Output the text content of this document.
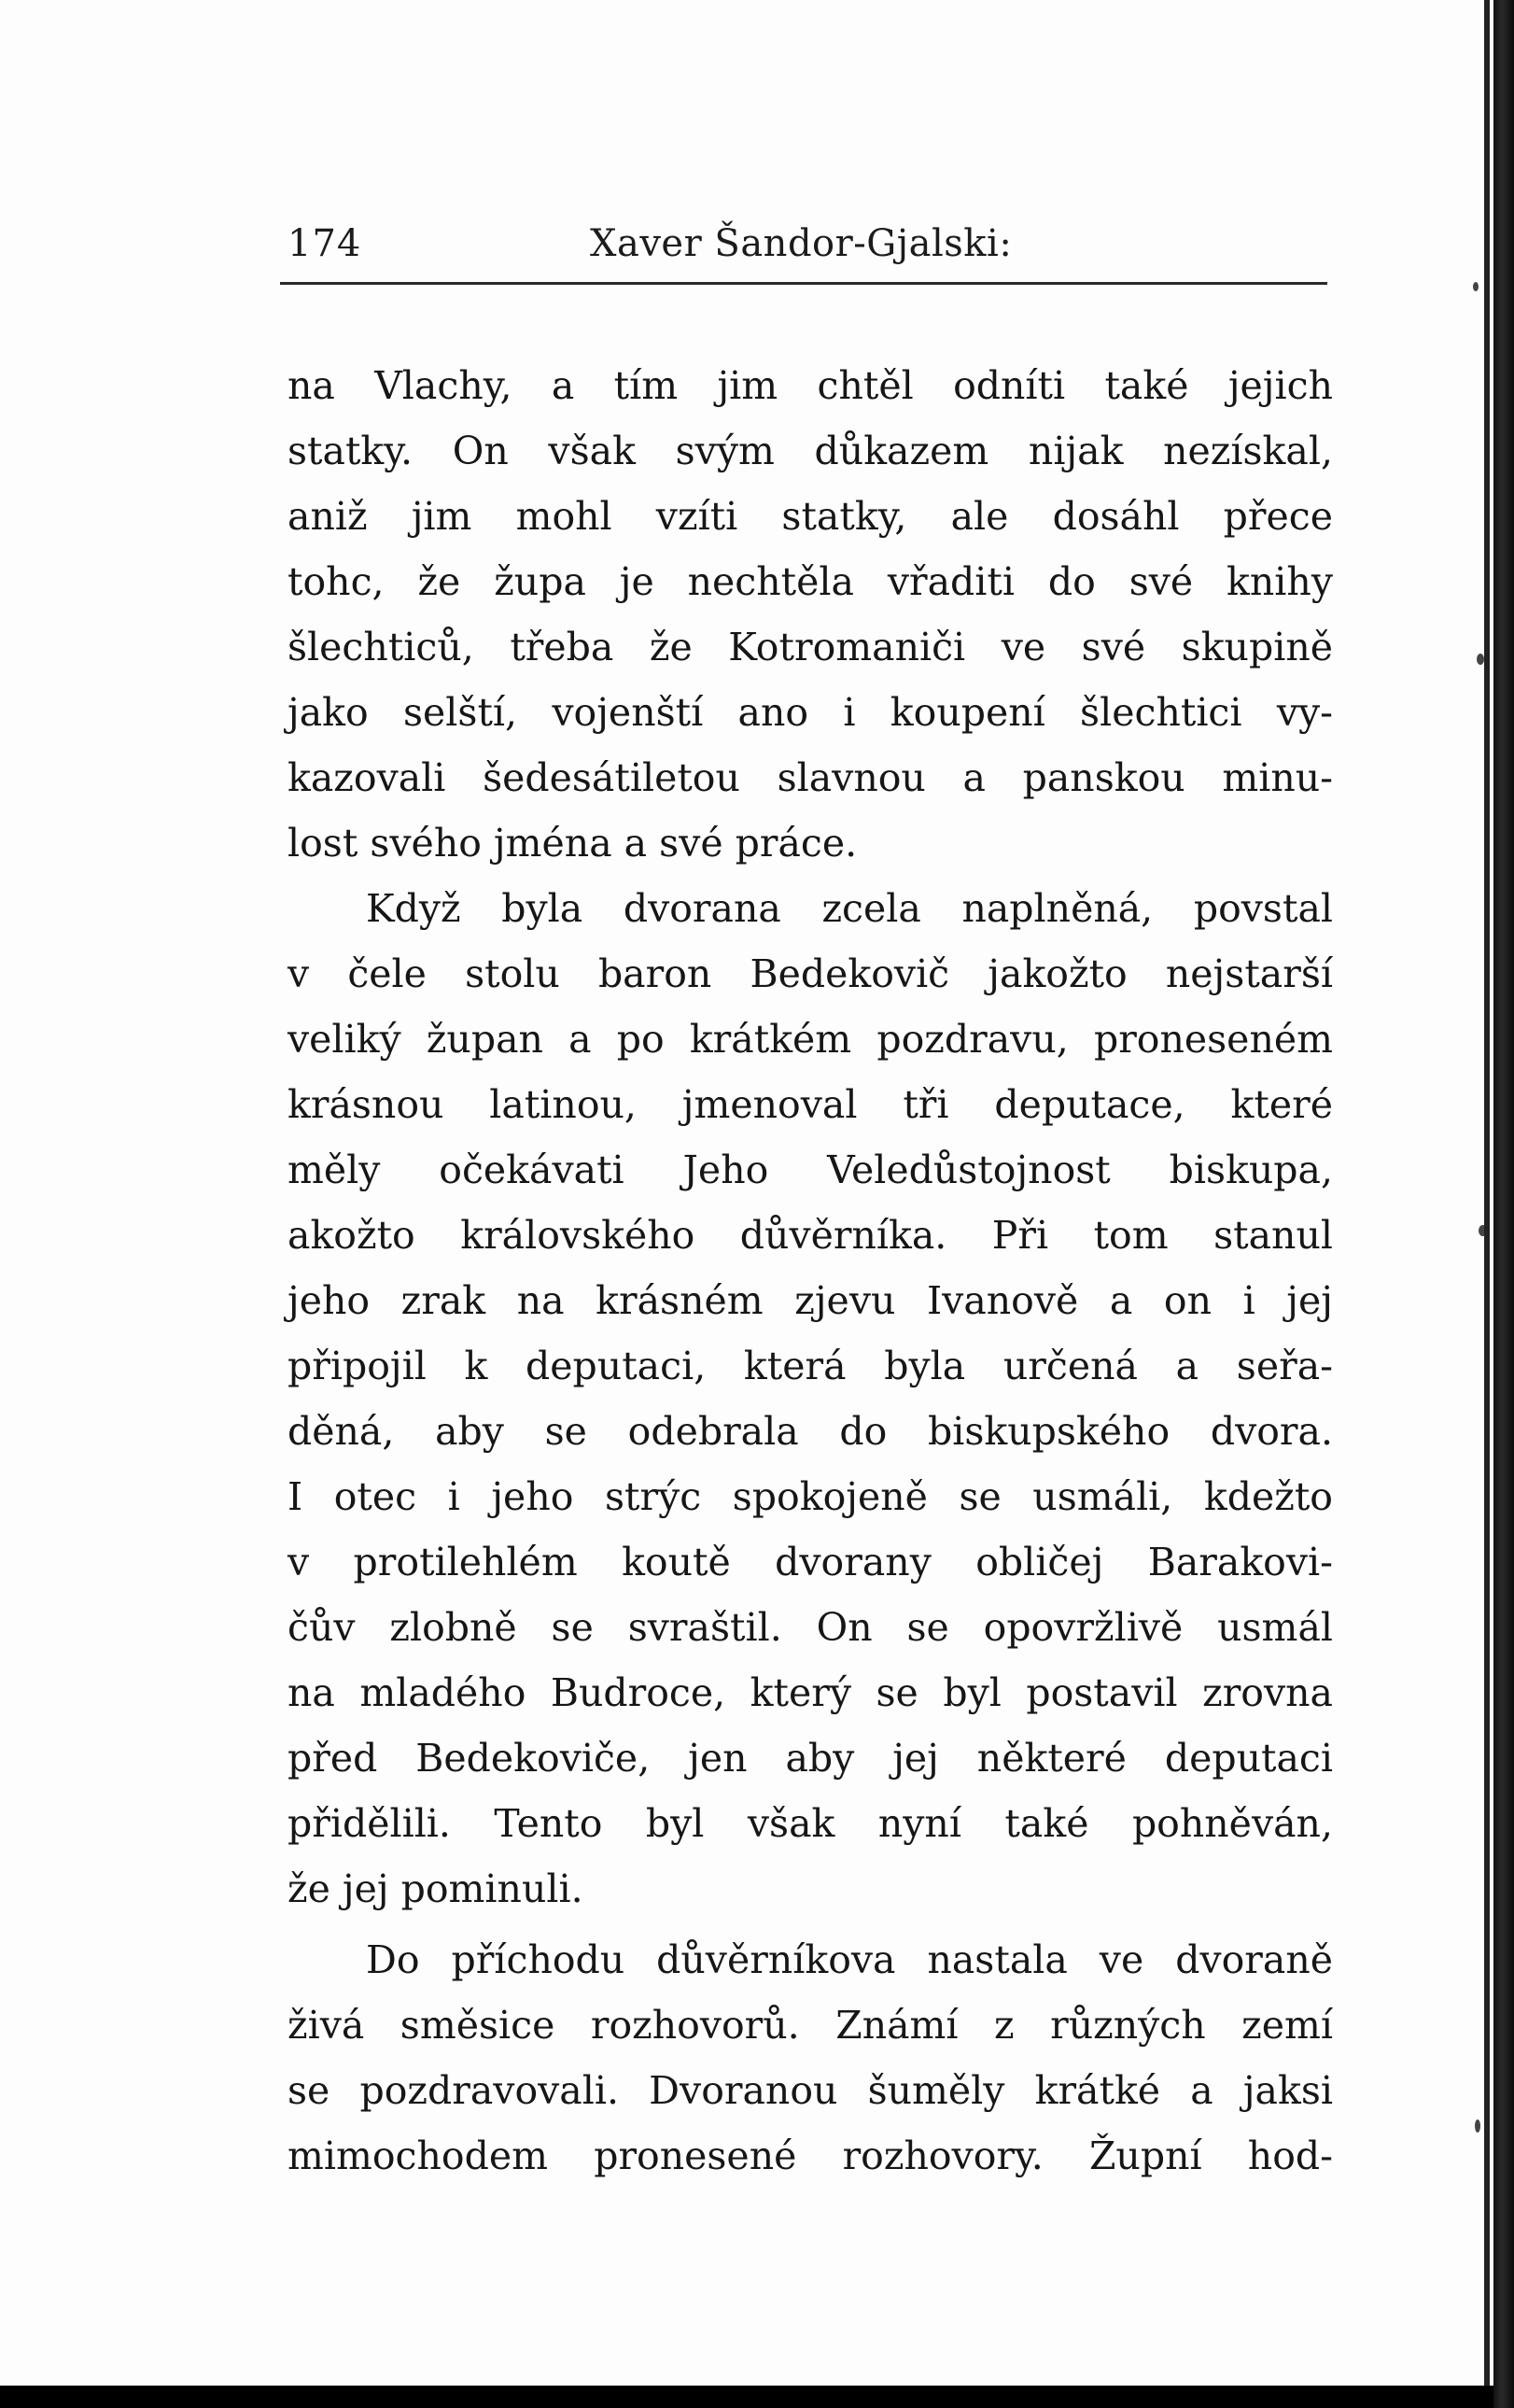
174	Xaver Šandor-Gjalski:
na Vlachy, a tím jim chtěl odníti také jejich
statky. On však svým důkazem nijak nezískal,
aniž jim mohl vzíti statky, ale dosáhl přece
tohc, že župa je nechtěla vřaditi do své knihy
šlechticů, třeba že Kotromaniči ve své skupině
jako selští, vojenští ano i koupení šlechtici vy-
kazovali šedesátiletou slavnou a panskou minu-
lost svého jména a své práce.
Když byla dvorana zcela naplněná, povstal
v čele stolu baron Bedekovič jakožto nejstarší
veliký župan a po krátkém pozdravu, proneseném
krásnou latinou, jmenoval tři deputace, které
měly očekávati Jeho Veledůstojnost biskupa,
akožto královského důvěrníka. Při tom stanul
jeho zrak na krásném zjevu Ivanově a on i jej
připojil k deputaci, která byla určená a seřa-
děná, aby se odebrala do biskupského dvora.
I otec i jeho strýc spokojeně se usmáli, kdežto
v protilehlém koutě dvorany obličej Barakovi-
čův zlobně se svraštil. On se opovržlivě usmál
na mladého Budroce, který se byl postavil zrovna
před Bedekoviče, jen aby jej některé deputaci
přidělili. Tento byl však nyní také pohněván,
že jej pominuli.
Do příchodu důvěrníkova nastala ve dvoraně
živá směsice rozhovorů. Známí z různých zemí
se pozdravovali. Dvoranou šuměly krátké a jaksi
mimochodem pronesené rozhovory. Župní hod-
